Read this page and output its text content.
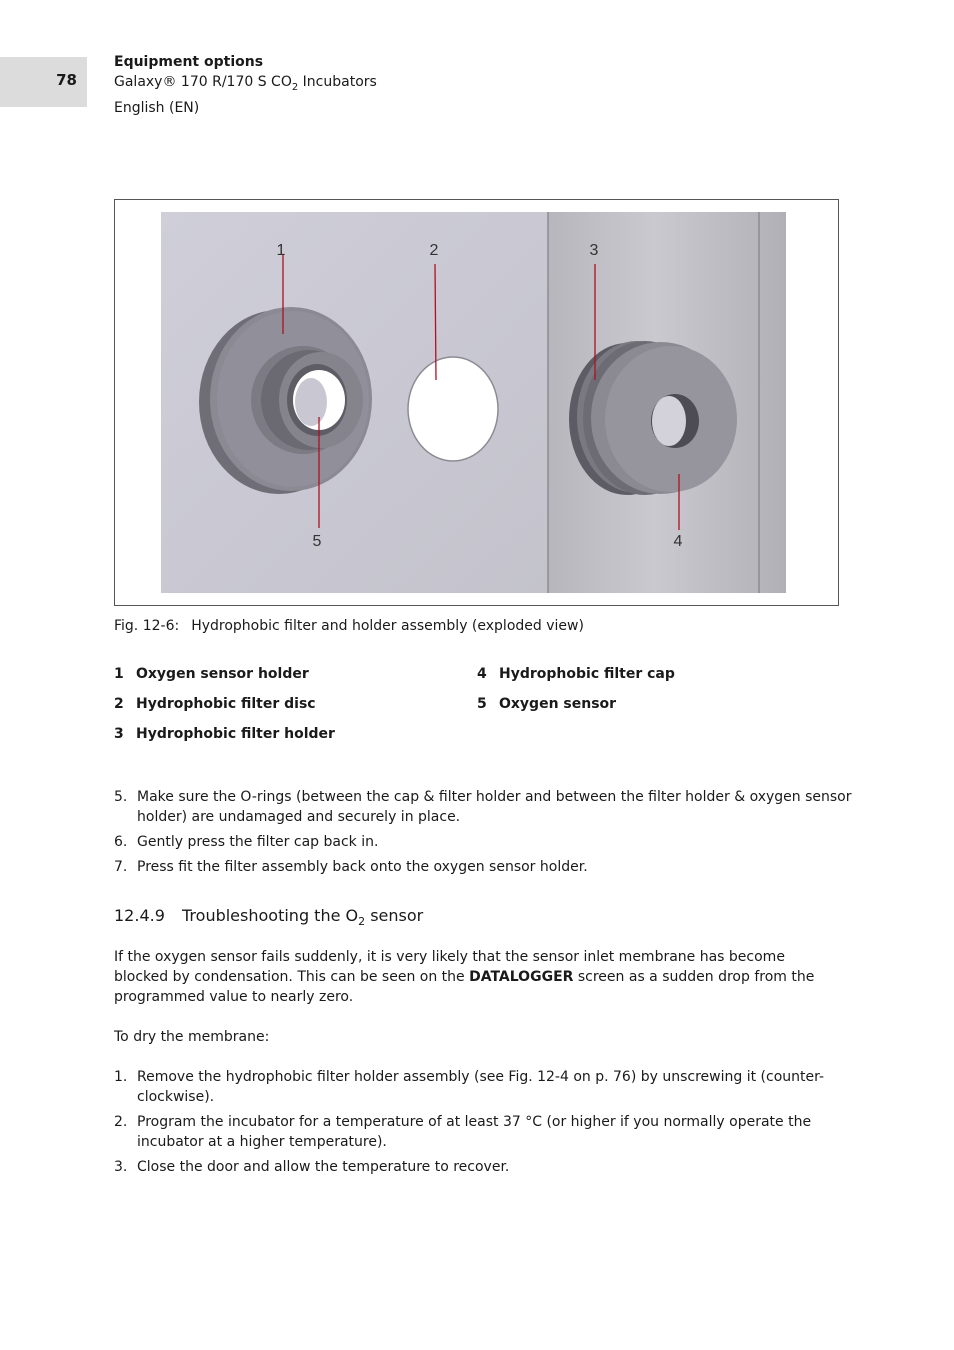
78
Equipment options
Galaxy® 170 R/170 S $CO_2$ Incubators
English (EN)
1	2	3
4
5
Fig. 12-6: Hydrophobic filter and holder assembly (exploded view)
1 Oxygen sensor holder
2 Hydrophobic filter disc
3 Hydrophobic filter holder
4 Hydrophobic filter cap
5 Oxygen sensor
5. Make sure the O-rings (between the cap & filter holder and between the filter holder & oxygen sensor holder) are undamaged and securely in place.
6. Gently press the filter cap back in.
7. Press fit the filter assembly back onto the oxygen sensor holder.
12.4.9 Troubleshooting the $O_2$ sensor
If the oxygen sensor fails suddenly, it is very likely that the sensor inlet membrane has become blocked by condensation. This can be seen on the DATALOGGER screen as a sudden drop from the programmed value to nearly zero.
To dry the membrane:
1. Remove the hydrophobic filter holder assembly (see Fig. 12-4 on p. 76) by unscrewing it (counter-clockwise).
2. Program the incubator for a temperature of at least 37 °C (or higher if you normally operate the incubator at a higher temperature).
3. Close the door and allow the temperature to recover.
